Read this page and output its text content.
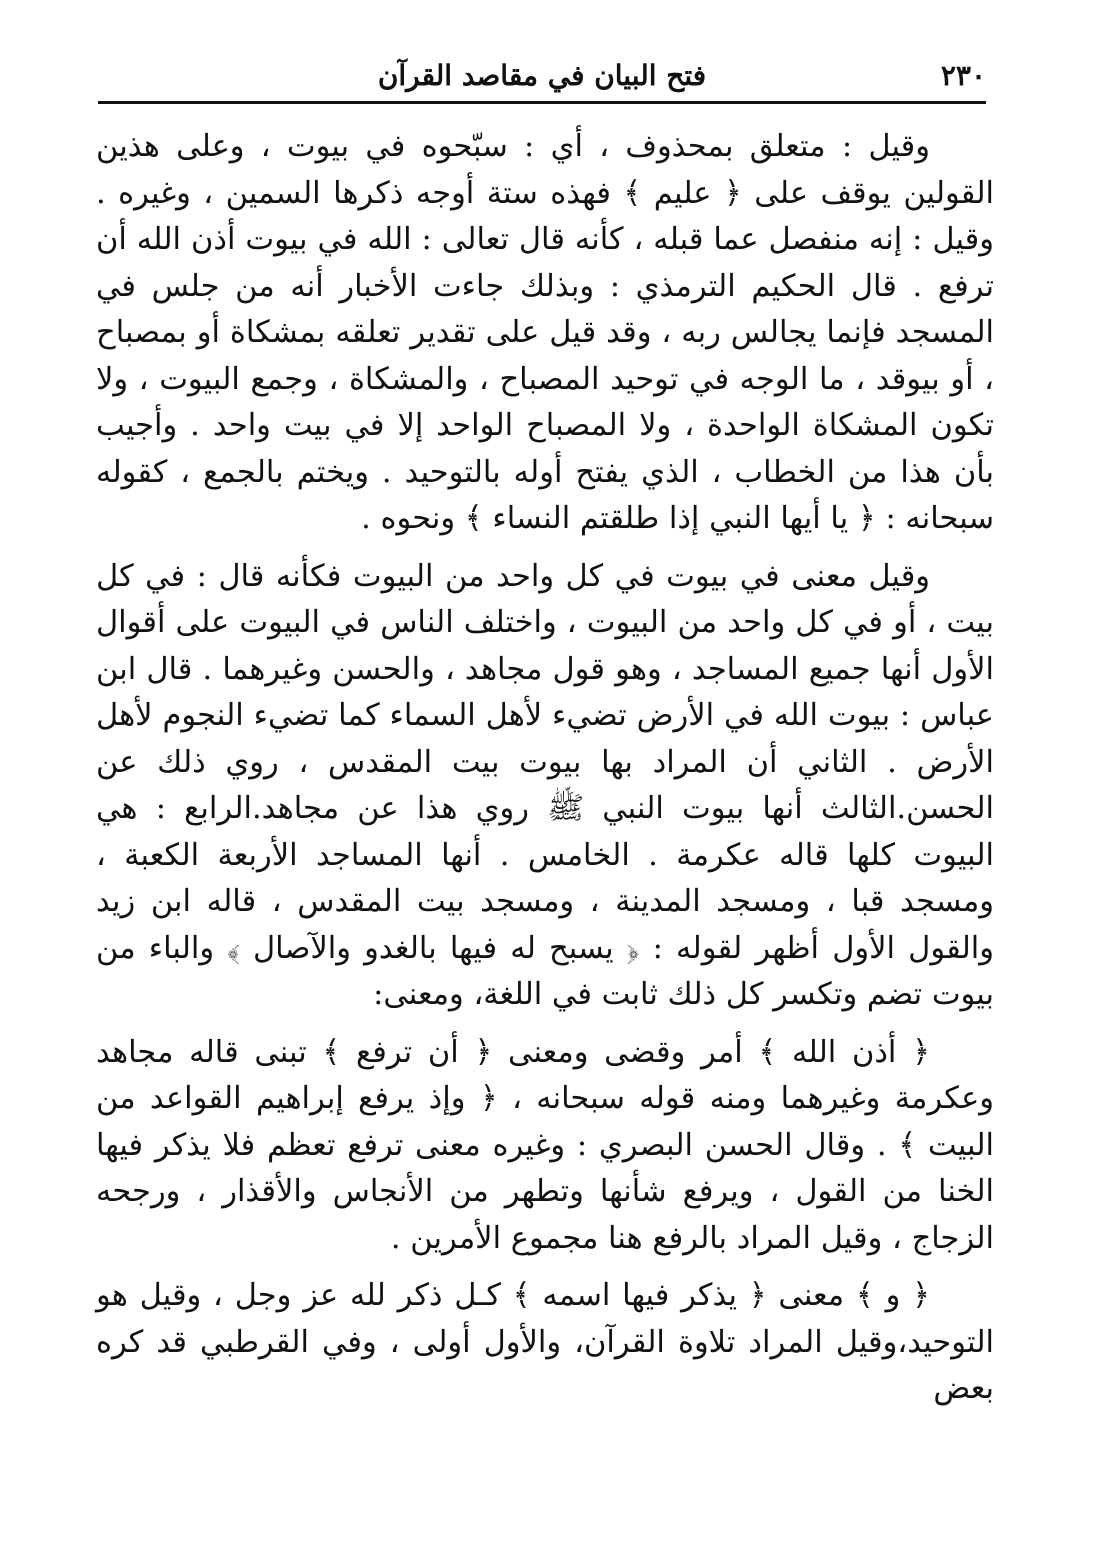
٢٣٠
فتح البيان في مقاصد القرآن

وقيل : متعلق بمحذوف ، أي : سبّحوه في بيوت ، وعلى هذين القولين يوقف على ﴿ عليم ﴾ فهذه ستة أوجه ذكرها السمين ، وغيره . وقيل : إنه منفصل عما قبله ، كأنه قال تعالى : الله في بيوت أذن الله أن ترفع . قال الحكيم الترمذي : وبذلك جاءت الأخبار أنه من جلس في المسجد فإنما يجالس ربه ، وقد قيل على تقدير تعلقه بمشكاة أو بمصباح ، أو بيوقد ، ما الوجه في توحيد المصباح ، والمشكاة ، وجمع البيوت ، ولا تكون المشكاة الواحدة ، ولا المصباح الواحد إلا في بيت واحد . وأجيب بأن هذا من الخطاب ، الذي يفتح أوله بالتوحيد . ويختم بالجمع ، كقوله سبحانه : ﴿ يا أيها النبي إذا طلقتم النساء ﴾ ونحوه .

وقيل معنى في بيوت في كل واحد من البيوت فكأنه قال : في كل بيت ، أو في كل واحد من البيوت ، واختلف الناس في البيوت على أقوال الأول أنها جميع المساجد ، وهو قول مجاهد ، والحسن وغيرهما . قال ابن عباس : بيوت الله في الأرض تضيء لأهل السماء كما تضيء النجوم لأهل الأرض . الثاني أن المراد بها بيوت بيت المقدس ، روي ذلك عن الحسن.الثالث أنها بيوت النبي ﷺ روي هذا عن مجاهد.الرابع : هي البيوت كلها قاله عكرمة . الخامس . أنها المساجد الأربعة الكعبة ، ومسجد قبا ، ومسجد المدينة ، ومسجد بيت المقدس ، قاله ابن زيد والقول الأول أظهر لقوله : ﴿ يسبح له فيها بالغدو والآصال ﴾ والباء من بيوت تضم وتكسر كل ذلك ثابت في اللغة، ومعنى:

﴿ أذن الله ﴾ أمر وقضى ومعنى ﴿ أن ترفع ﴾ تبنى قاله مجاهد وعكرمة وغيرهما ومنه قوله سبحانه ، ﴿ وإذ يرفع إبراهيم القواعد من البيت ﴾ . وقال الحسن البصري : وغيره معنى ترفع تعظم فلا يذكر فيها الخنا من القول ، ويرفع شأنها وتطهر من الأنجاس والأقذار ، ورجحه الزجاج ، وقيل المراد بالرفع هنا مجموع الأمرين .

﴿ و ﴾ معنى ﴿ يذكر فيها اسمه ﴾ كـل ذكر لله عز وجل ، وقيل هو التوحيد،وقيل المراد تلاوة القرآن، والأول أولى ، وفي القرطبي قد كره بعض
